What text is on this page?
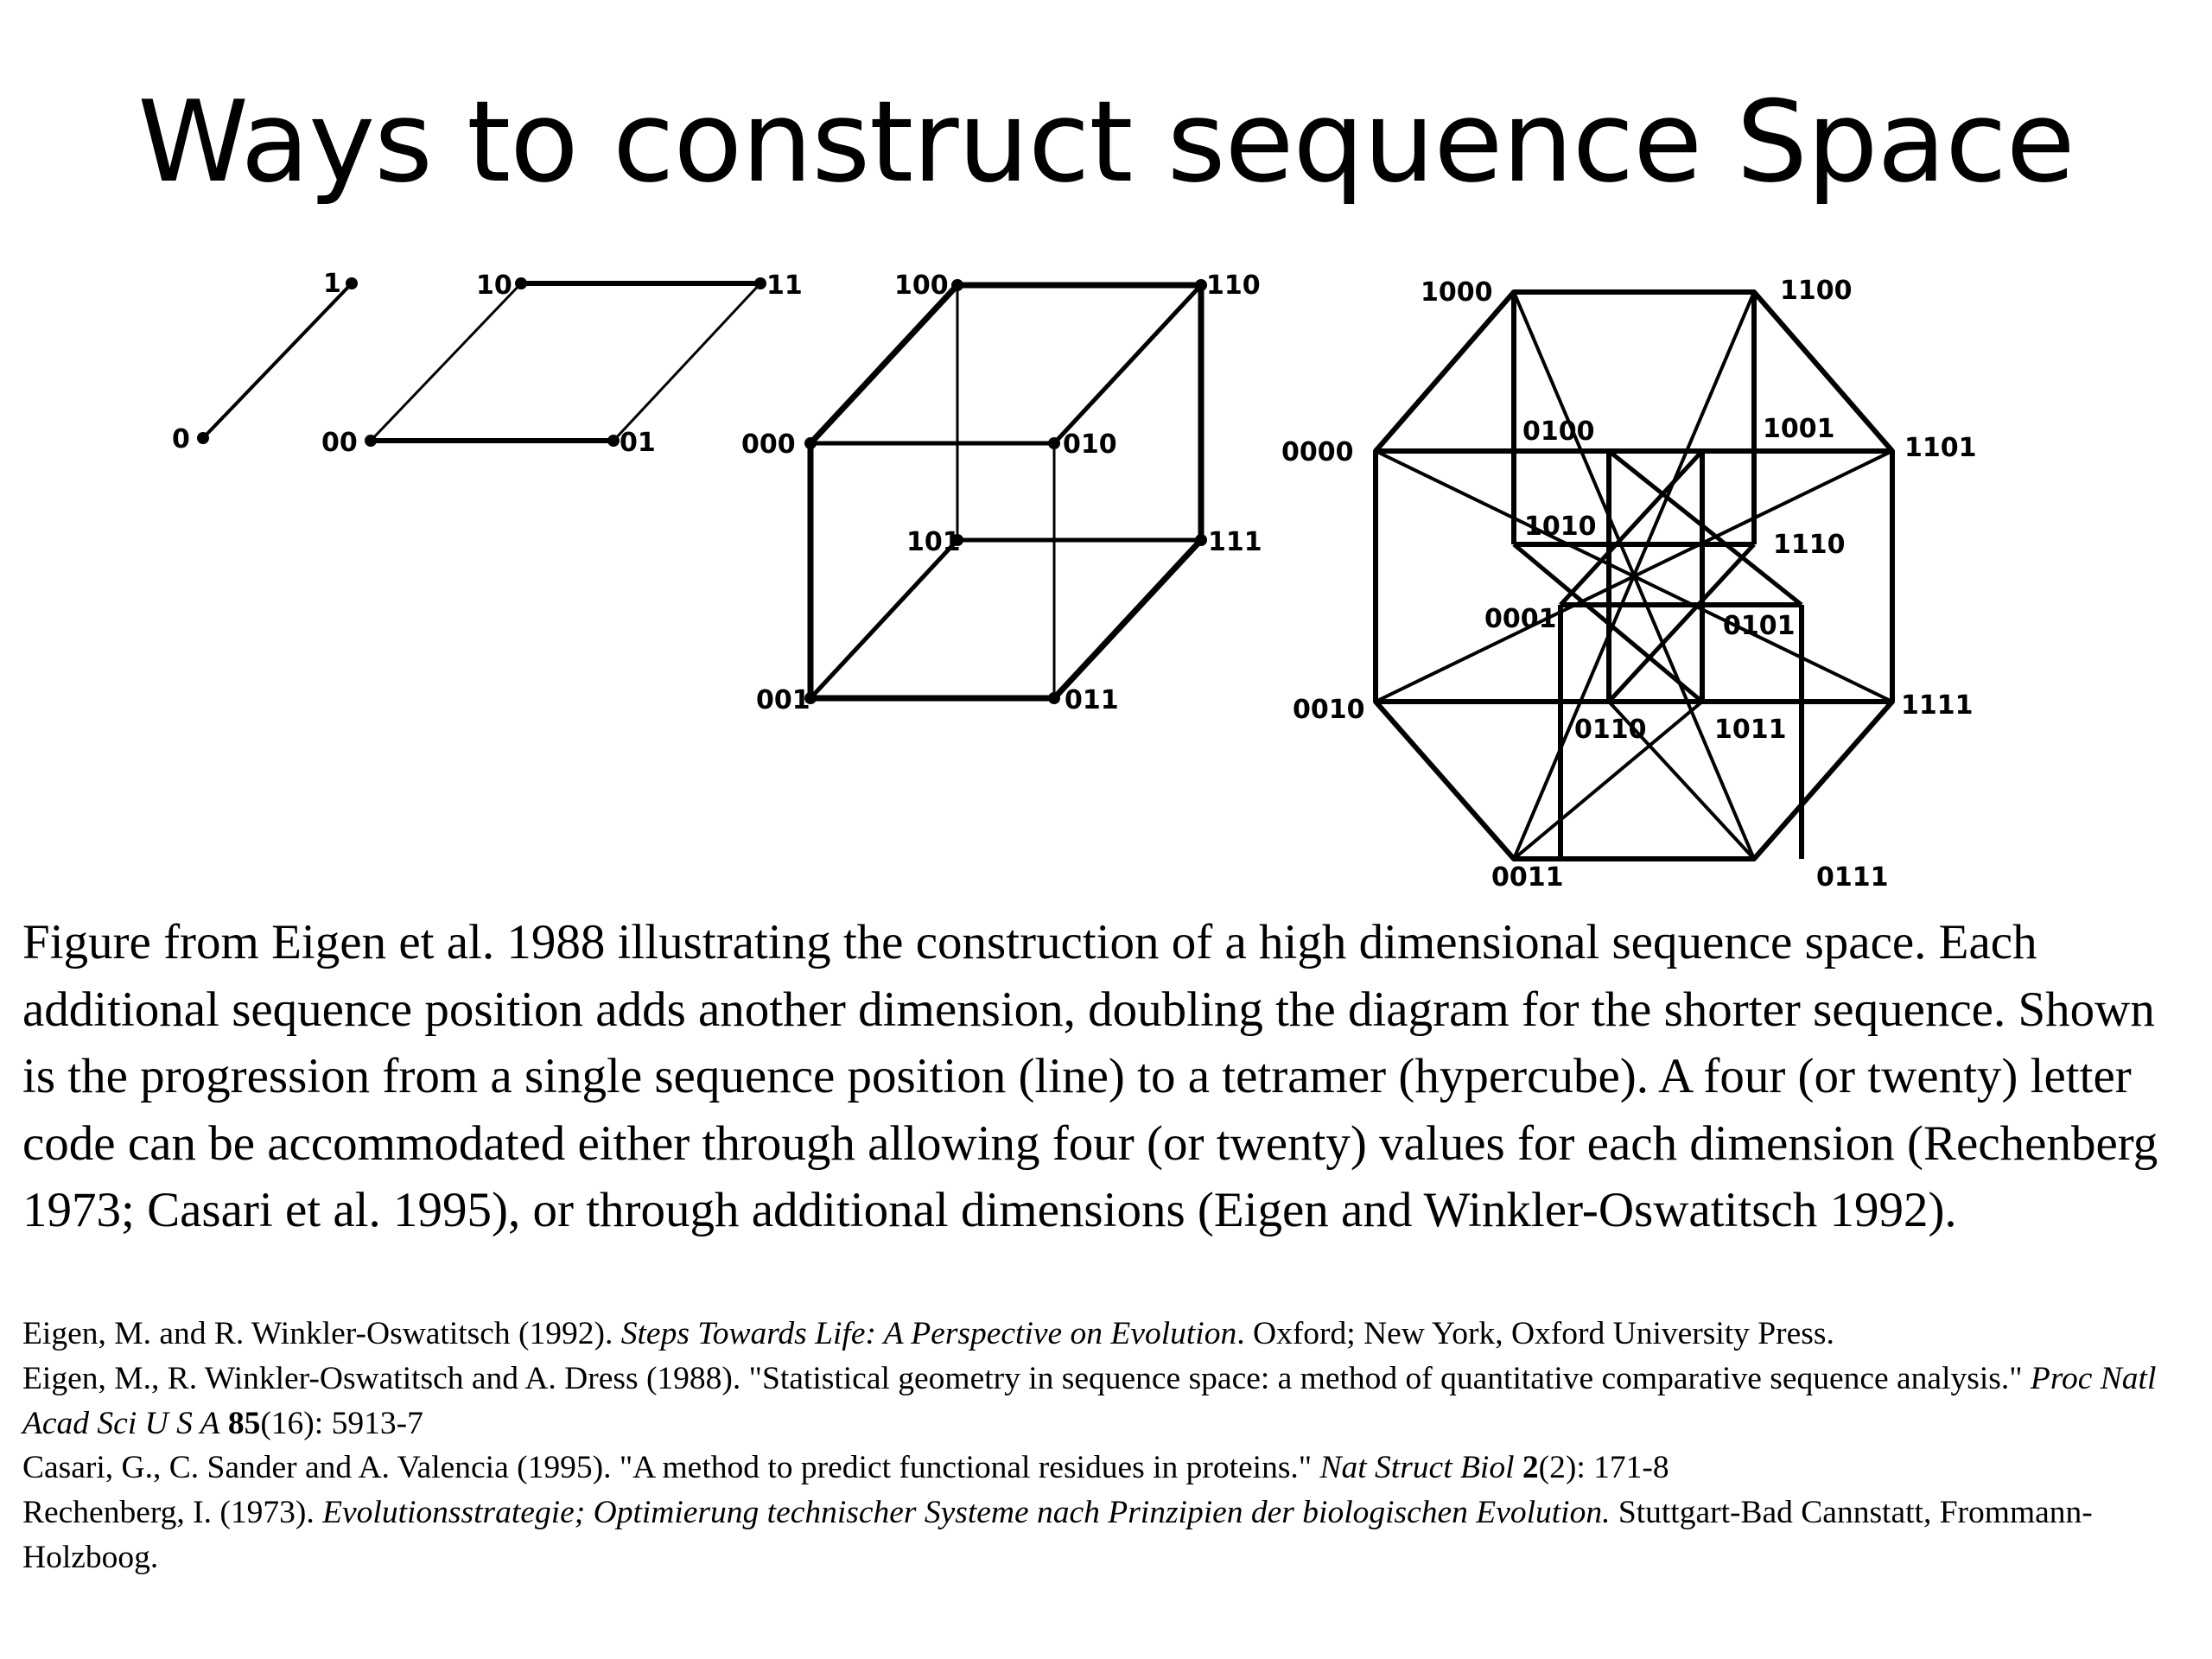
Ways to construct sequence Space
1
0
10	11
00	01
100	110
000	010
101	111
001	011
1000	1100
0000	1101
0100	1001
1010
1110
0001	0101
0010	1111
0110	1011
0011	0111
Figure from Eigen et al. 1988 illustrating the construction of a high dimensional sequence space. Each additional sequence position adds another dimension, doubling the diagram for the shorter sequence. Shown is the progression from a single sequence position (line) to a tetramer (hypercube). A four (or twenty) letter code can be accommodated either through allowing four (or twenty) values for each dimension (Rechenberg 1973; Casari et al. 1995), or through additional dimensions (Eigen and Winkler-Oswatitsch 1992).
Eigen, M. and R. Winkler-Oswatitsch (1992). Steps Towards Life: A Perspective on Evolution. Oxford; New York, Oxford University Press.
Eigen, M., R. Winkler-Oswatitsch and A. Dress (1988). "Statistical geometry in sequence space: a method of quantitative comparative sequence analysis." Proc Natl Acad Sci U S A 85(16): 5913-7
Casari, G., C. Sander and A. Valencia (1995). "A method to predict functional residues in proteins." Nat Struct Biol 2(2): 171-8
Rechenberg, I. (1973). Evolutionsstrategie; Optimierung technischer Systeme nach Prinzipien der biologischen Evolution. Stuttgart-Bad Cannstatt, Frommann-Holzboog.
